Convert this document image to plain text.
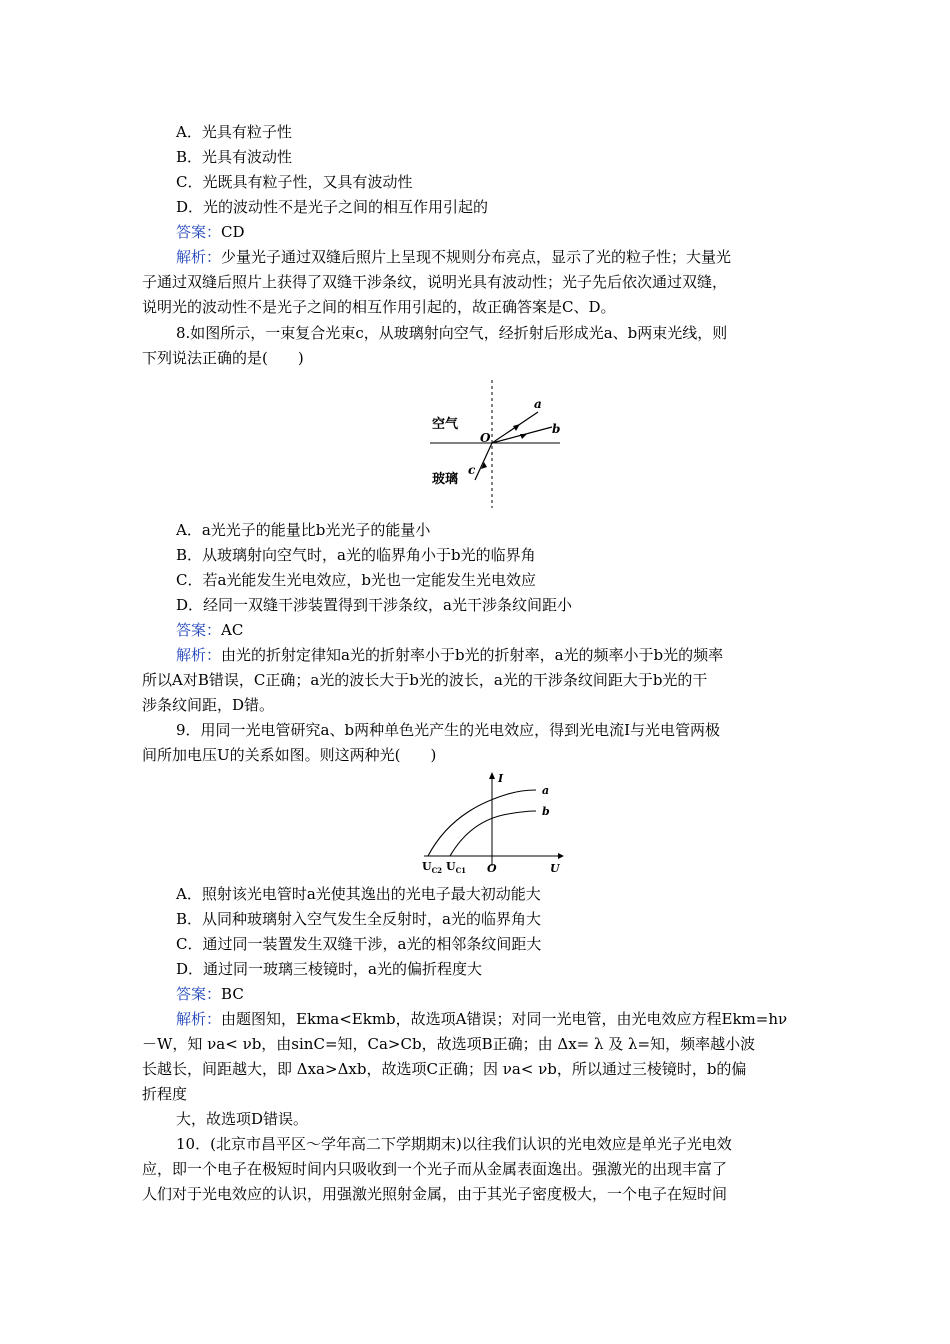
A．光具有粒子性
B．光具有波动性
C．光既具有粒子性，又具有波动性
D．光的波动性不是光子之间的相互作用引起的
答案：CD
解析：少量光子通过双缝后照片上呈现不规则分布亮点，显示了光的粒子性；大量光
子通过双缝后照片上获得了双缝干涉条纹，说明光具有波动性；光子先后依次通过双缝，
说明光的波动性不是光子之间的相互作用引起的，故正确答案是C、D。
8.如图所示，一束复合光束c，从玻璃射向空气，经折射后形成光a、b两束光线，则
下列说法正确的是(　　)
空气
玻璃
O
a
b
c
A．a光光子的能量比b光光子的能量小
B．从玻璃射向空气时，a光的临界角小于b光的临界角
C．若a光能发生光电效应，b光也一定能发生光电效应
D．经同一双缝干涉装置得到干涉条纹，a光干涉条纹间距小
答案：AC
解析：由光的折射定律知a光的折射率小于b光的折射率，a光的频率小于b光的频率
所以A对B错误，C正确；a光的波长大于b光的波长，a光的干涉条纹间距大于b光的干
涉条纹间距，D错。
9．用同一光电管研究a、b两种单色光产生的光电效应，得到光电流I与光电管两极
间所加电压U的关系如图。则这两种光(　　)
a
b
I
U
O
$U_{C2}$ $U_{C1}$
A．照射该光电管时a光使其逸出的光电子最大初动能大
B．从同种玻璃射入空气发生全反射时，a光的临界角大
C．通过同一装置发生双缝干涉，a光的相邻条纹间距大
D．通过同一玻璃三棱镜时，a光的偏折程度大
答案：BC
解析：由题图知，Ekma<Ekmb，故选项A错误；对同一光电管，由光电效应方程Ekm=hν
－W，知 νa< νb，由sinC=知，Ca>Cb，故选项B正确；由 Δx= λ 及 λ=知，频率越小波
长越长，间距越大，即 Δxa>Δxb，故选项C正确；因 νa< νb，所以通过三棱镜时，b的偏
折程度
大，故选项D错误。
10．(北京市昌平区～学年高二下学期期末)以往我们认识的光电效应是单光子光电效
应，即一个电子在极短时间内只吸收到一个光子而从金属表面逸出。强激光的出现丰富了
人们对于光电效应的认识，用强激光照射金属，由于其光子密度极大，一个电子在短时间
